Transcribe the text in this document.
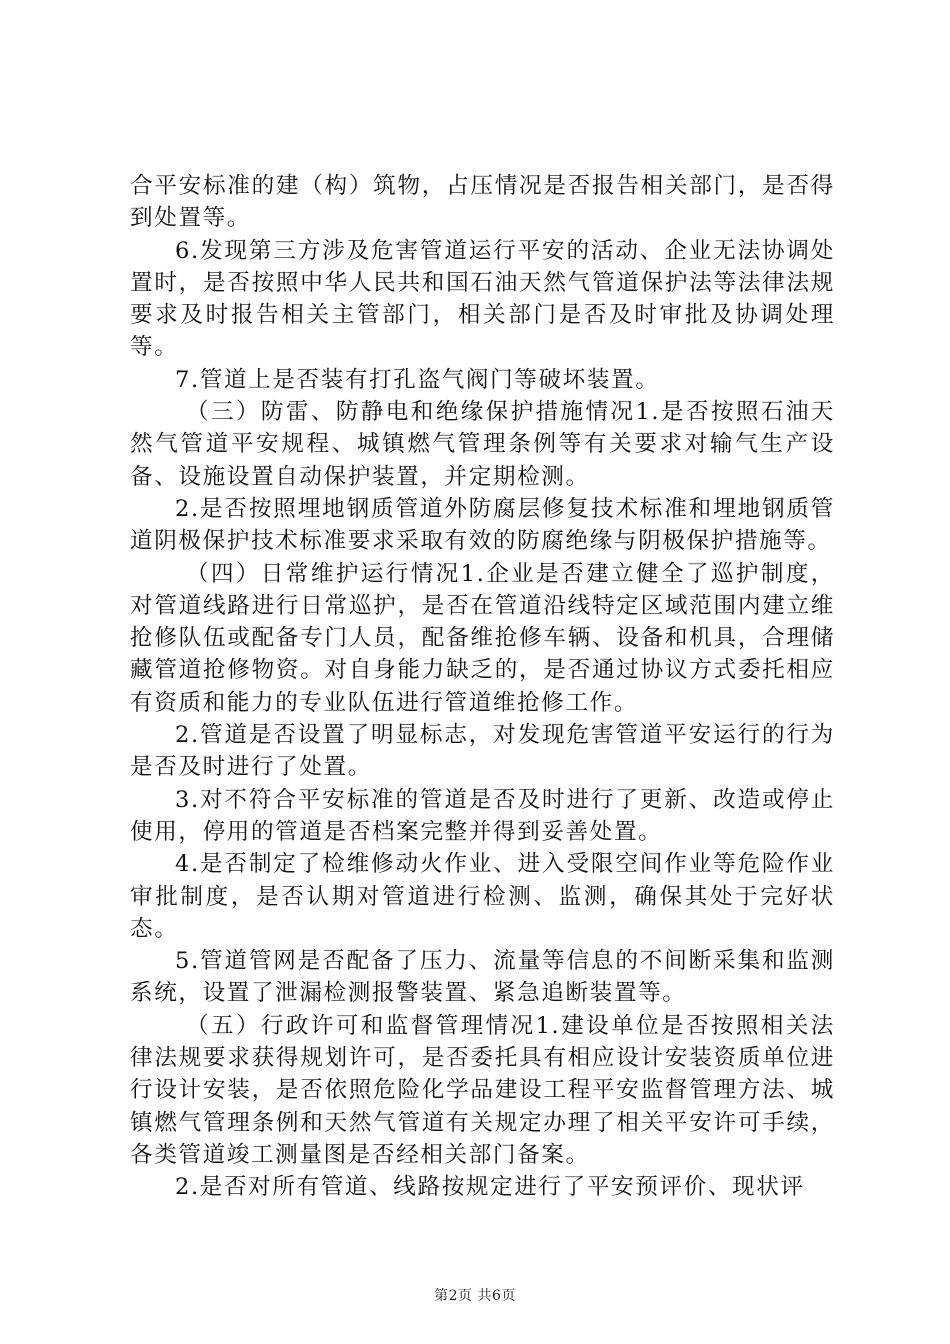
合平安标准的建（构）筑物，占压情况是否报告相关部门，是否得到处置等。

6.发现第三方涉及危害管道运行平安的活动、企业无法协调处置时，是否按照中华人民共和国石油天然气管道保护法等法律法规要求及时报告相关主管部门，相关部门是否及时审批及协调处理等。

7.管道上是否装有打孔盗气阀门等破坏装置。

（三）防雷、防静电和绝缘保护措施情况1.是否按照石油天然气管道平安规程、城镇燃气管理条例等有关要求对输气生产设备、设施设置自动保护装置，并定期检测。

2.是否按照埋地钢质管道外防腐层修复技术标准和埋地钢质管道阴极保护技术标准要求采取有效的防腐绝缘与阴极保护措施等。

（四）日常维护运行情况1.企业是否建立健全了巡护制度，对管道线路进行日常巡护，是否在管道沿线特定区域范围内建立维抢修队伍或配备专门人员，配备维抢修车辆、设备和机具，合理储藏管道抢修物资。对自身能力缺乏的，是否通过协议方式委托相应有资质和能力的专业队伍进行管道维抢修工作。

2.管道是否设置了明显标志，对发现危害管道平安运行的行为是否及时进行了处置。

3.对不符合平安标准的管道是否及时进行了更新、改造或停止使用，停用的管道是否档案完整并得到妥善处置。

4.是否制定了检维修动火作业、进入受限空间作业等危险作业审批制度，是否认期对管道进行检测、监测，确保其处于完好状态。

5.管道管网是否配备了压力、流量等信息的不间断采集和监测系统，设置了泄漏检测报警装置、紧急追断装置等。

（五）行政许可和监督管理情况1.建设单位是否按照相关法律法规要求获得规划许可，是否委托具有相应设计安装资质单位进行设计安装，是否依照危险化学品建设工程平安监督管理方法、城镇燃气管理条例和天然气管道有关规定办理了相关平安许可手续，各类管道竣工测量图是否经相关部门备案。

2.是否对所有管道、线路按规定进行了平安预评价、现状评

第2页 共6页
